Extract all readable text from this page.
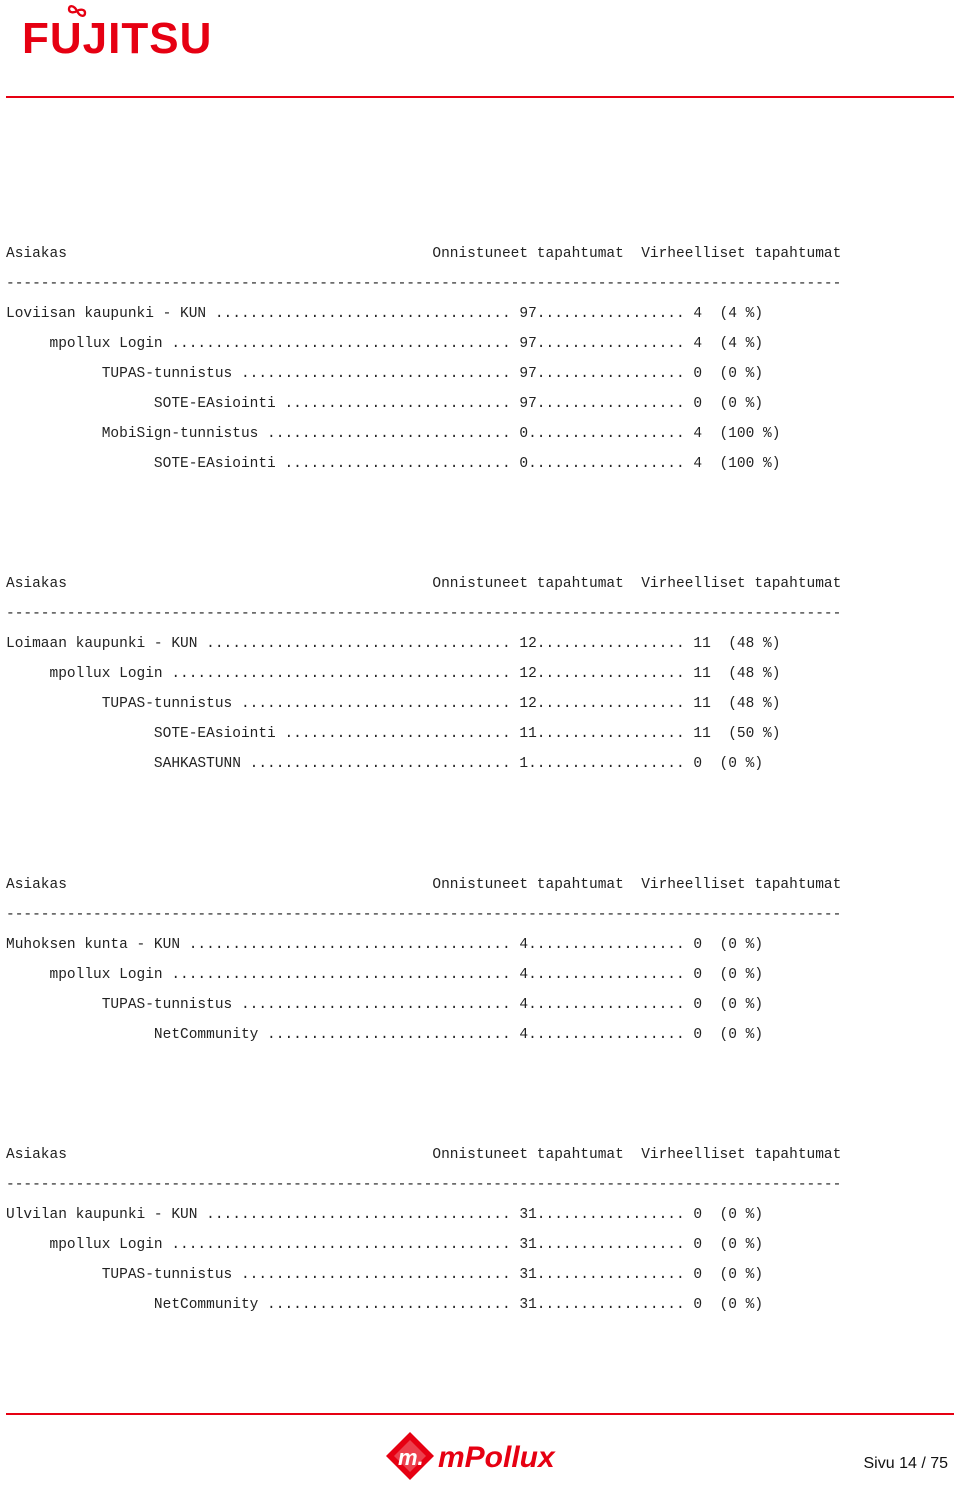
FUJITSU
Asiakas                                          Onnistuneet tapahtumat  Virheelliset tapahtumat
------------------------------------------------------------------------------------------------
Loviisan kaupunki - KUN .................................. 97................. 4  (4 %)
mpollux Login ....................................... 97................. 4  (4 %)
TUPAS-tunnistus ............................... 97................. 0  (0 %)
SOTE-EAsiointi .......................... 97................. 0  (0 %)
MobiSign-tunnistus ............................ 0.................. 4  (100 %)
SOTE-EAsiointi .......................... 0.................. 4  (100 %)
Asiakas                                          Onnistuneet tapahtumat  Virheelliset tapahtumat
------------------------------------------------------------------------------------------------
Loimaan kaupunki - KUN ................................... 12................. 11  (48 %)
mpollux Login ....................................... 12................. 11  (48 %)
TUPAS-tunnistus ............................... 12................. 11  (48 %)
SOTE-EAsiointi .......................... 11................. 11  (50 %)
SAHKASTUNN .............................. 1.................. 0  (0 %)
Asiakas                                          Onnistuneet tapahtumat  Virheelliset tapahtumat
------------------------------------------------------------------------------------------------
Muhoksen kunta - KUN ..................................... 4.................. 0  (0 %)
mpollux Login ....................................... 4.................. 0  (0 %)
TUPAS-tunnistus ............................... 4.................. 0  (0 %)
NetCommunity ............................ 4.................. 0  (0 %)
Asiakas                                          Onnistuneet tapahtumat  Virheelliset tapahtumat
------------------------------------------------------------------------------------------------
Ulvilan kaupunki - KUN ................................... 31................. 0  (0 %)
mpollux Login ....................................... 31................. 0  (0 %)
TUPAS-tunnistus ............................... 31................. 0  (0 %)
NetCommunity ............................ 31................. 0  (0 %)
m. mPollux	Sivu 14 / 75
